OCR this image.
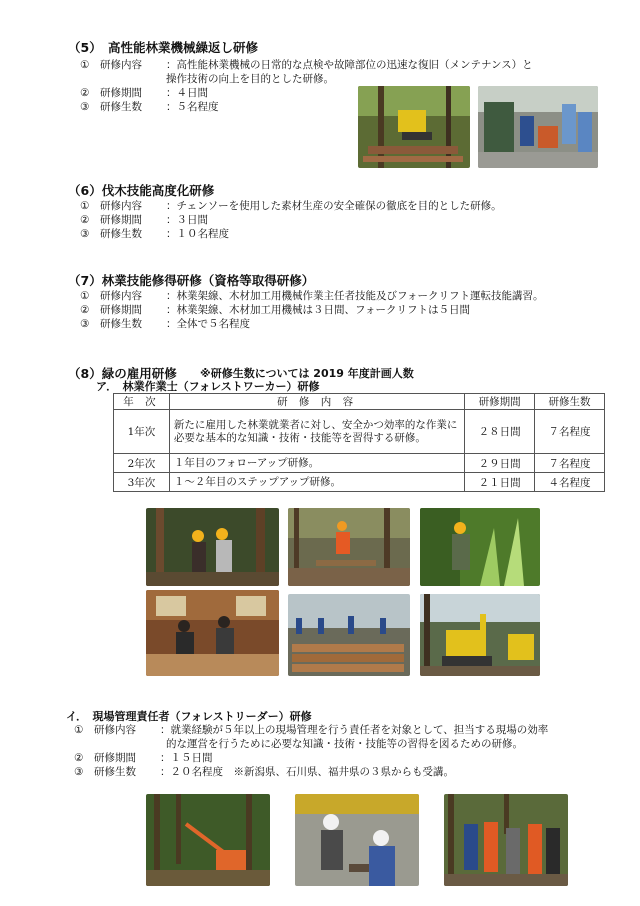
（5）　高性能林業機械繰返し研修
① 研修内容 ：高性能林業機械の日常的な点検や故障部位の迅速な復旧（メンテナンス）と
操作技術の向上を目的とした研修。
② 研修期間 ：４日間
③ 研修生数 ：５名程度
（6）伐木技能高度化研修
① 研修内容 ：チェンソーを使用した素材生産の安全確保の徹底を目的とした研修。
② 研修期間 ：３日間
③ 研修生数 ：１０名程度
（7）林業技能修得研修（資格等取得研修）
① 研修内容 ：林業架線、木材加工用機械作業主任者技能及びフォークリフト運転技能講習。
② 研修期間 ：林業架線、木材加工用機械は３日間、フォークリフトは５日間
③ 研修生数 ：全体で５名程度
（8）緑の雇用研修 ※研修生数については 2019 年度計画人数
ア．　林業作業士（フォレストワーカー）研修
年 次	研 修 内 容	研修期間	研修生数
1年次	新たに雇用した林業就業者に対し、安全かつ効率的な作業に必要な基本的な知識・技術・技能等を習得する研修。	２８日間	７名程度
2年次	１年目のフォローアップ研修。	２９日間	７名程度
3年次	１～２年目のステップアップ研修。	２１日間	４名程度
イ．　現場管理責任者（フォレストリーダー）研修
① 研修内容 ：就業経験が５年以上の現場管理を行う責任者を対象として、担当する現場の効率
的な運営を行うために必要な知識・技術・技能等の習得を図るための研修。
② 研修期間 ：１５日間
③ 研修生数 ：２０名程度　※新潟県、石川県、福井県の３県からも受講。
